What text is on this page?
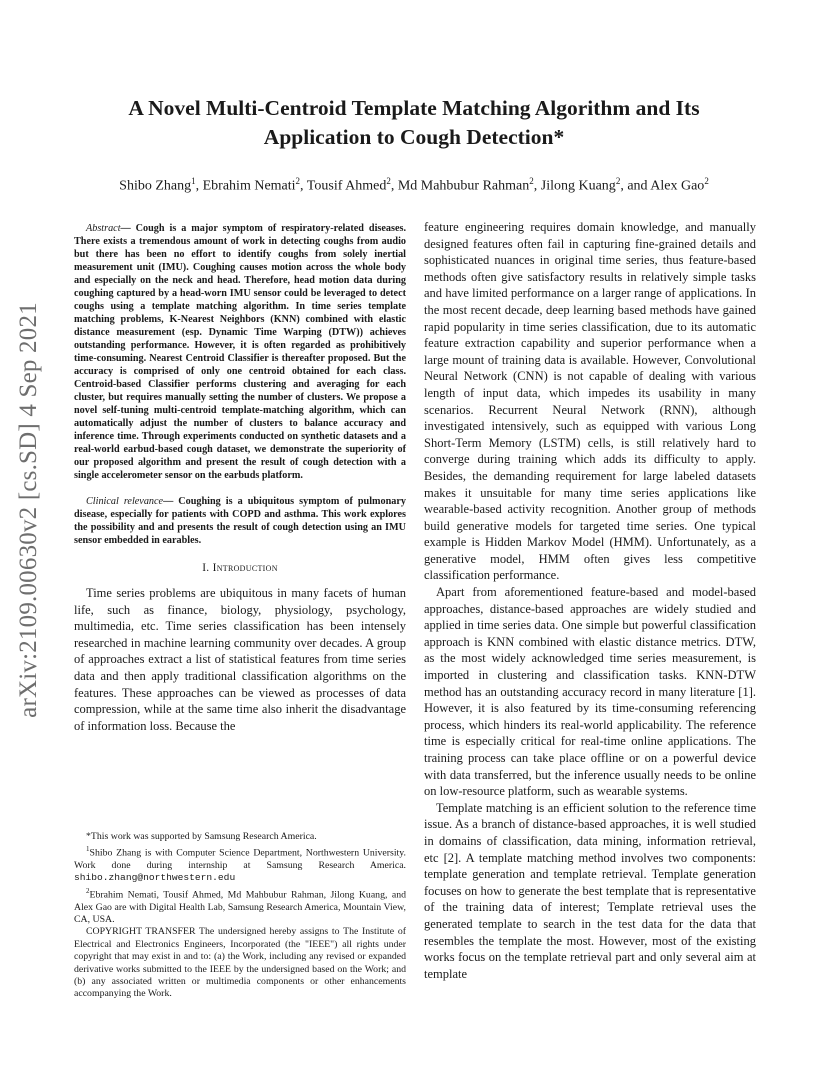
arXiv:2109.00630v2 [cs.SD] 4 Sep 2021
A Novel Multi-Centroid Template Matching Algorithm and Its
Application to Cough Detection*

Shibo Zhang$^1$, Ebrahim Nemati$^2$, Tousif Ahmed$^2$, Md Mahbubur Rahman$^2$, Jilong Kuang$^2$, and Alex Gao$^2$

Abstract— Cough is a major symptom of respiratory-related diseases. There exists a tremendous amount of work in detecting coughs from audio but there has been no effort to identify coughs from solely inertial measurement unit (IMU). Coughing causes motion across the whole body and especially on the neck and head. Therefore, head motion data during coughing captured by a head-worn IMU sensor could be leveraged to detect coughs using a template matching algorithm. In time series template matching problems, K-Nearest Neighbors (KNN) combined with elastic distance measurement (esp. Dynamic Time Warping (DTW)) achieves outstanding performance. However, it is often regarded as prohibitively time-consuming. Nearest Centroid Classifier is thereafter proposed. But the accuracy is comprised of only one centroid obtained for each class. Centroid-based Classifier performs clustering and averaging for each cluster, but requires manually setting the number of clusters. We propose a novel self-tuning multi-centroid template-matching algorithm, which can automatically adjust the number of clusters to balance accuracy and inference time. Through experiments conducted on synthetic datasets and a real-world earbud-based cough dataset, we demonstrate the superiority of our proposed algorithm and present the result of cough detection with a single accelerometer sensor on the earbuds platform.

Clinical relevance— Coughing is a ubiquitous symptom of pulmonary disease, especially for patients with COPD and asthma. This work explores the possibility and and presents the result of cough detection using an IMU sensor embedded in earables.

I. Introduction

Time series problems are ubiquitous in many facets of human life, such as finance, biology, physiology, psychology, multimedia, etc. Time series classification has been intensely researched in machine learning community over decades. A group of approaches extract a list of statistical features from time series data and then apply traditional classification algorithms on the features. These approaches can be viewed as processes of data compression, while at the same time also inherit the disadvantage of information loss. Because the

*This work was supported by Samsung Research America.

$^1$Shibo Zhang is with Computer Science Department, Northwestern University. Work done during internship at Samsung Research America. shibo.zhang@northwestern.edu

$^2$Ebrahim Nemati, Tousif Ahmed, Md Mahbubur Rahman, Jilong Kuang, and Alex Gao are with Digital Health Lab, Samsung Research America, Mountain View, CA, USA.

COPYRIGHT TRANSFER The undersigned hereby assigns to The Institute of Electrical and Electronics Engineers, Incorporated (the "IEEE") all rights under copyright that may exist in and to: (a) the Work, including any revised or expanded derivative works submitted to the IEEE by the undersigned based on the Work; and (b) any associated written or multimedia components or other enhancements accompanying the Work.

feature engineering requires domain knowledge, and manually designed features often fail in capturing fine-grained details and sophisticated nuances in original time series, thus feature-based methods often give satisfactory results in relatively simple tasks and have limited performance on a larger range of applications. In the most recent decade, deep learning based methods have gained rapid popularity in time series classification, due to its automatic feature extraction capability and superior performance when a large mount of training data is available. However, Convolutional Neural Network (CNN) is not capable of dealing with various length of input data, which impedes its usability in many scenarios. Recurrent Neural Network (RNN), although investigated intensively, such as equipped with various Long Short-Term Memory (LSTM) cells, is still relatively hard to converge during training which adds its difficulty to apply. Besides, the demanding requirement for large labeled datasets makes it unsuitable for many time series applications like wearable-based activity recognition. Another group of methods build generative models for targeted time series. One typical example is Hidden Markov Model (HMM). Unfortunately, as a generative model, HMM often gives less competitive classification performance.

Apart from aforementioned feature-based and model-based approaches, distance-based approaches are widely studied and applied in time series data. One simple but powerful classification approach is KNN combined with elastic distance metrics. DTW, as the most widely acknowledged time series measurement, is imported in clustering and classification tasks. KNN-DTW method has an outstanding accuracy record in many literature [1]. However, it is also featured by its time-consuming referencing process, which hinders its real-world applicability. The reference time is especially critical for real-time online applications. The training process can take place offline or on a powerful device with data transferred, but the inference usually needs to be online on low-resource platform, such as wearable systems.

Template matching is an efficient solution to the reference time issue. As a branch of distance-based approaches, it is well studied in domains of classification, data mining, information retrieval, etc [2]. A template matching method involves two components: template generation and template retrieval. Template generation focuses on how to generate the best template that is representative of the training data of interest; Template retrieval uses the generated template to search in the test data for the data that resembles the template the most. However, most of the existing works focus on the template retrieval part and only several aim at template
